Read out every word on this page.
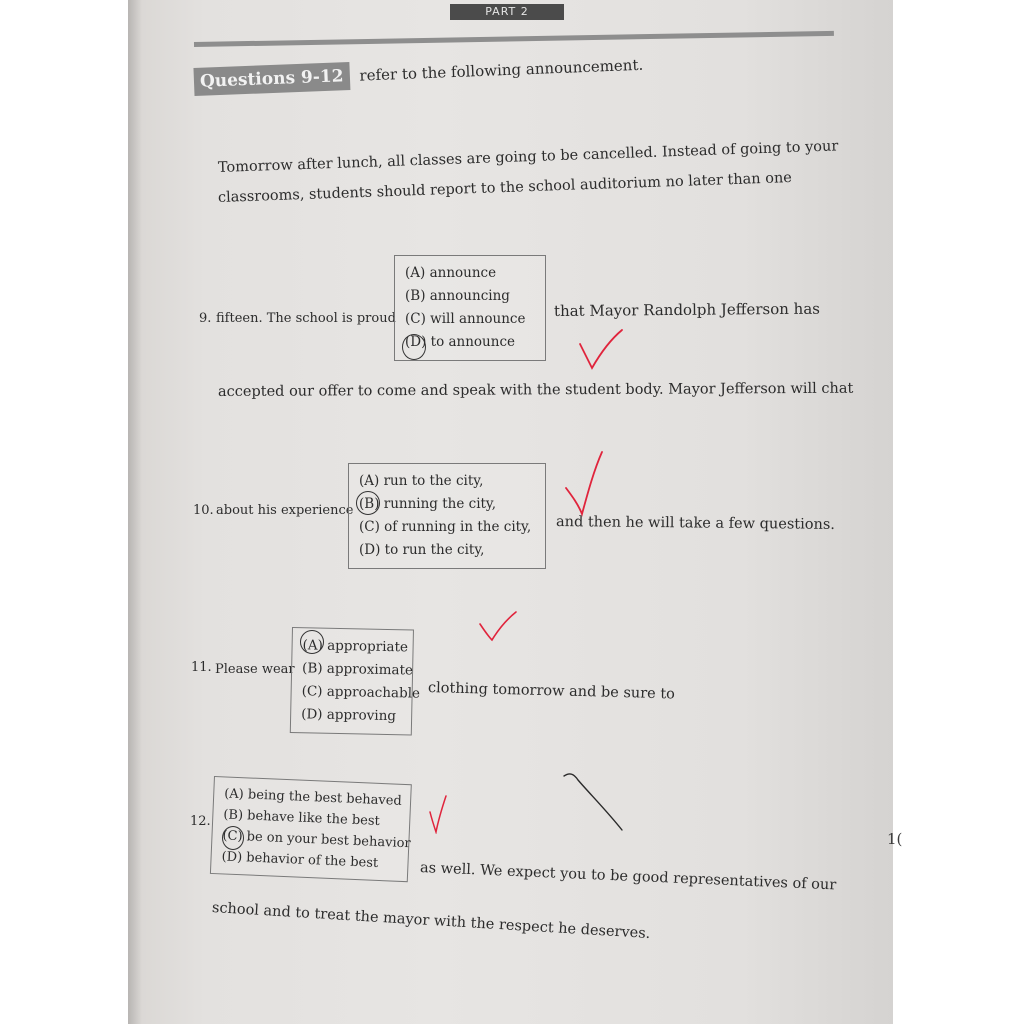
PART 2
Questions 9-12	refer to the following announcement.
Tomorrow after lunch, all classes are going to be cancelled. Instead of going to your
classrooms, students should report to the school auditorium no later than one
9. fifteen. The school is proud
(A) announce
(B) announcing
(C) will announce
(D) to announce
that Mayor Randolph Jefferson has
accepted our offer to come and speak with the student body. Mayor Jefferson will chat
10. about his experience
(A) run to the city,
(B) running the city,
(C) of running in the city,
(D) to run the city,
and then he will take a few questions.
11. Please wear
(A) appropriate
(B) approximate
(C) approachable
(D) approving
clothing tomorrow and be sure to
12.
(A) being the best behaved
(B) behave like the best
(C) be on your best behavior
(D) behavior of the best	as well. We expect you to be good representatives of our
school and to treat the mayor with the respect he deserves.
1(
